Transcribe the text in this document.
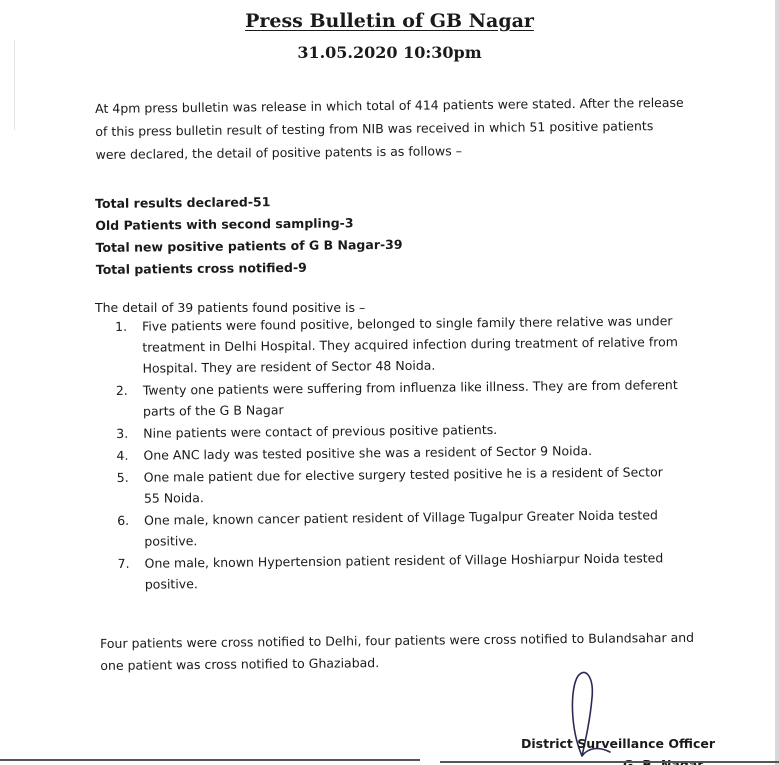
Press Bulletin of GB Nagar

31.05.2020 10:30pm

At 4pm press bulletin was release in which total of 414 patients were stated. After the release of this press bulletin result of testing from NIB was received in which 51 positive patients were declared, the detail of positive patents is as follows –

Total results declared-51
Old Patients with second sampling-3
Total new positive patients of G B Nagar-39
Total patients cross notified-9

The detail of 39 patients found positive is –

1. Five patients were found positive, belonged to single family there relative was under treatment in Delhi Hospital. They acquired infection during treatment of relative from Hospital. They are resident of Sector 48 Noida.
2. Twenty one patients were suffering from influenza like illness. They are from deferent parts of the G B Nagar
3. Nine patients were contact of previous positive patients.
4. One ANC lady was tested positive she was a resident of Sector 9 Noida.
5. One male patient due for elective surgery tested positive he is a resident of Sector 55 Noida.
6. One male, known cancer patient resident of Village Tugalpur Greater Noida tested positive.
7. One male, known Hypertension patient resident of Village Hoshiarpur Noida tested positive.

Four patients were cross notified to Delhi, four patients were cross notified to Bulandsahar and one patient was cross notified to Ghaziabad.

District Surveillance Officer
